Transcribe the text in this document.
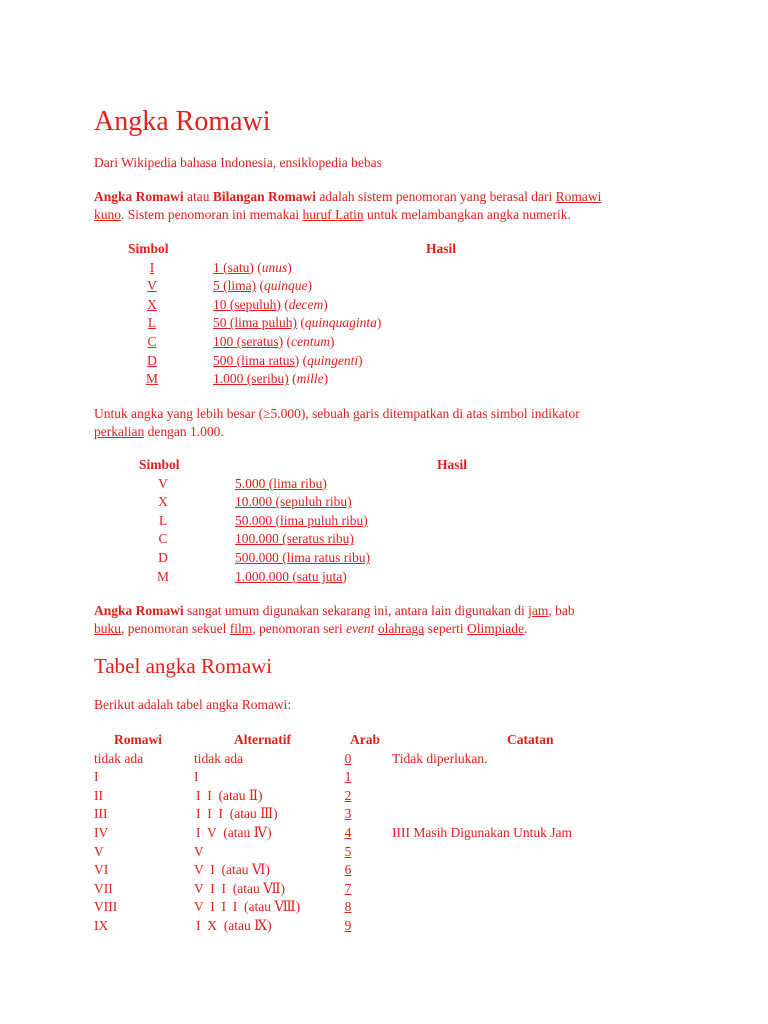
Angka Romawi

Dari Wikipedia bahasa Indonesia, ensiklopedia bebas

Angka Romawi atau Bilangan Romawi adalah sistem penomoran yang berasal dari Romawi
kuno. Sistem penomoran ini memakai huruf Latin untuk melambangkan angka numerik.

Simbol	Hasil
I	1 (satu) (unus)
V	5 (lima) (quinque)
X	10 (sepuluh) (decem)
L	50 (lima puluh) (quinquaginta)
C	100 (seratus) (centum)
D	500 (lima ratus) (quingenti)
M	1.000 (seribu) (mille)

Untuk angka yang lebih besar (≥5.000), sebuah garis ditempatkan di atas simbol indikator
perkalian dengan 1.000.

Simbol	Hasil
V	5.000 (lima ribu)
X	10.000 (sepuluh ribu)
L	50.000 (lima puluh ribu)
C	100.000 (seratus ribu)
D	500.000 (lima ratus ribu)
M	1.000.000 (satu juta)

Angka Romawi sangat umum digunakan sekarang ini, antara lain digunakan di jam, bab
buku, penomoran sekuel film, penomoran seri event olahraga seperti Olimpiade.

Tabel angka Romawi

Berikut adalah tabel angka Romawi:

Romawi	Alternatif	Arab	Catatan
tidak ada	tidak ada	0	Tidak diperlukan.
I	I	1
II	I  I  (atau Ⅱ)	2
III	I  I  I  (atau Ⅲ)	3
IV	I  V  (atau Ⅳ)	4	IIII Masih Digunakan Untuk Jam
V	V	5
VI	V  I  (atau Ⅵ)	6
VII	V  I  I  (atau Ⅶ)	7
VIII	V  I  I  I  (atau Ⅷ)	8
IX	I  X  (atau Ⅸ)	9
